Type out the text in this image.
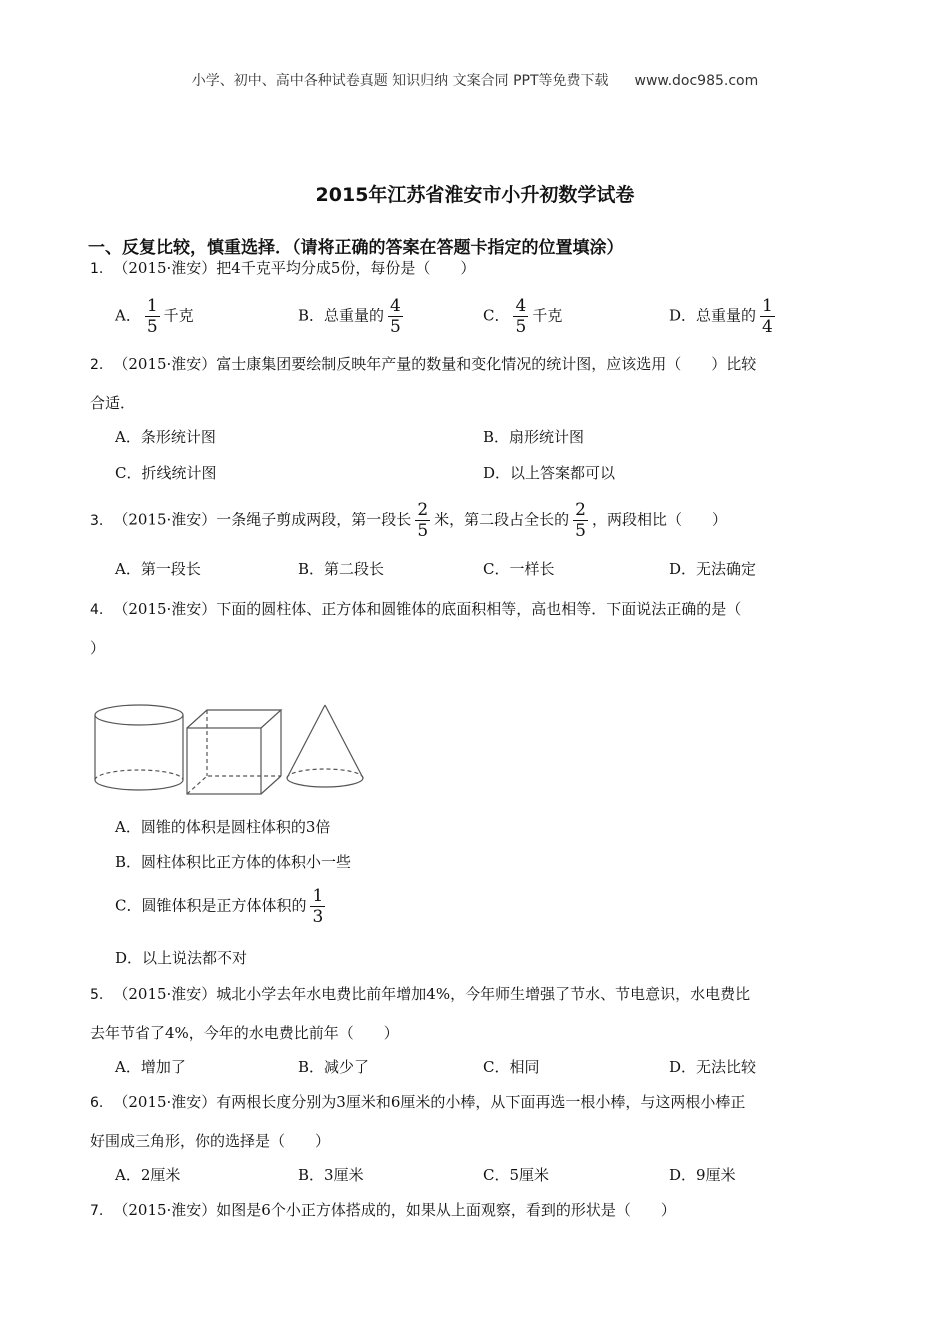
小学、初中、高中各种试卷真题 知识归纳 文案合同 PPT等免费下载 www.doc985.com
2015年江苏省淮安市小升初数学试卷
一、反复比较，慎重选择．（请将正确的答案在答题卡指定的位置填涂）
1. （2015·淮安）把4千克平均分成5份，每份是（　　）
A． $\frac{1}{5}$ 千克	B．总重量的 $\frac{4}{5}$	C． $\frac{4}{5}$ 千克	D．总重量的 $\frac{1}{4}$
2. （2015·淮安）富士康集团要绘制反映年产量的数量和变化情况的统计图，应该选用（　　）比较
合适．
A．条形统计图	B．扇形统计图
C．折线统计图	D．以上答案都可以
3. （2015·淮安）一条绳子剪成两段，第一段长 $\frac{2}{5}$ 米，第二段占全长的 $\frac{2}{5}$ ，两段相比（　　）
A．第一段长	B．第二段长	C．一样长	D．无法确定
4. （2015·淮安）下面的圆柱体、正方体和圆锥体的底面积相等，高也相等．下面说法正确的是（
）
A．圆锥的体积是圆柱体积的3倍
B．圆柱体积比正方体的体积小一些
C．圆锥体积是正方体体积的 $\frac{1}{3}$
D．以上说法都不对
5. （2015·淮安）城北小学去年水电费比前年增加4%，今年师生增强了节水、节电意识，水电费比
去年节省了4%，今年的水电费比前年（　　）
A．增加了	B．减少了	C．相同	D．无法比较
6. （2015·淮安）有两根长度分别为3厘米和6厘米的小棒，从下面再选一根小棒，与这两根小棒正
好围成三角形，你的选择是（　　）
A．2厘米	B．3厘米	C．5厘米	D．9厘米
7. （2015·淮安）如图是6个小正方体搭成的，如果从上面观察，看到的形状是（　　）
